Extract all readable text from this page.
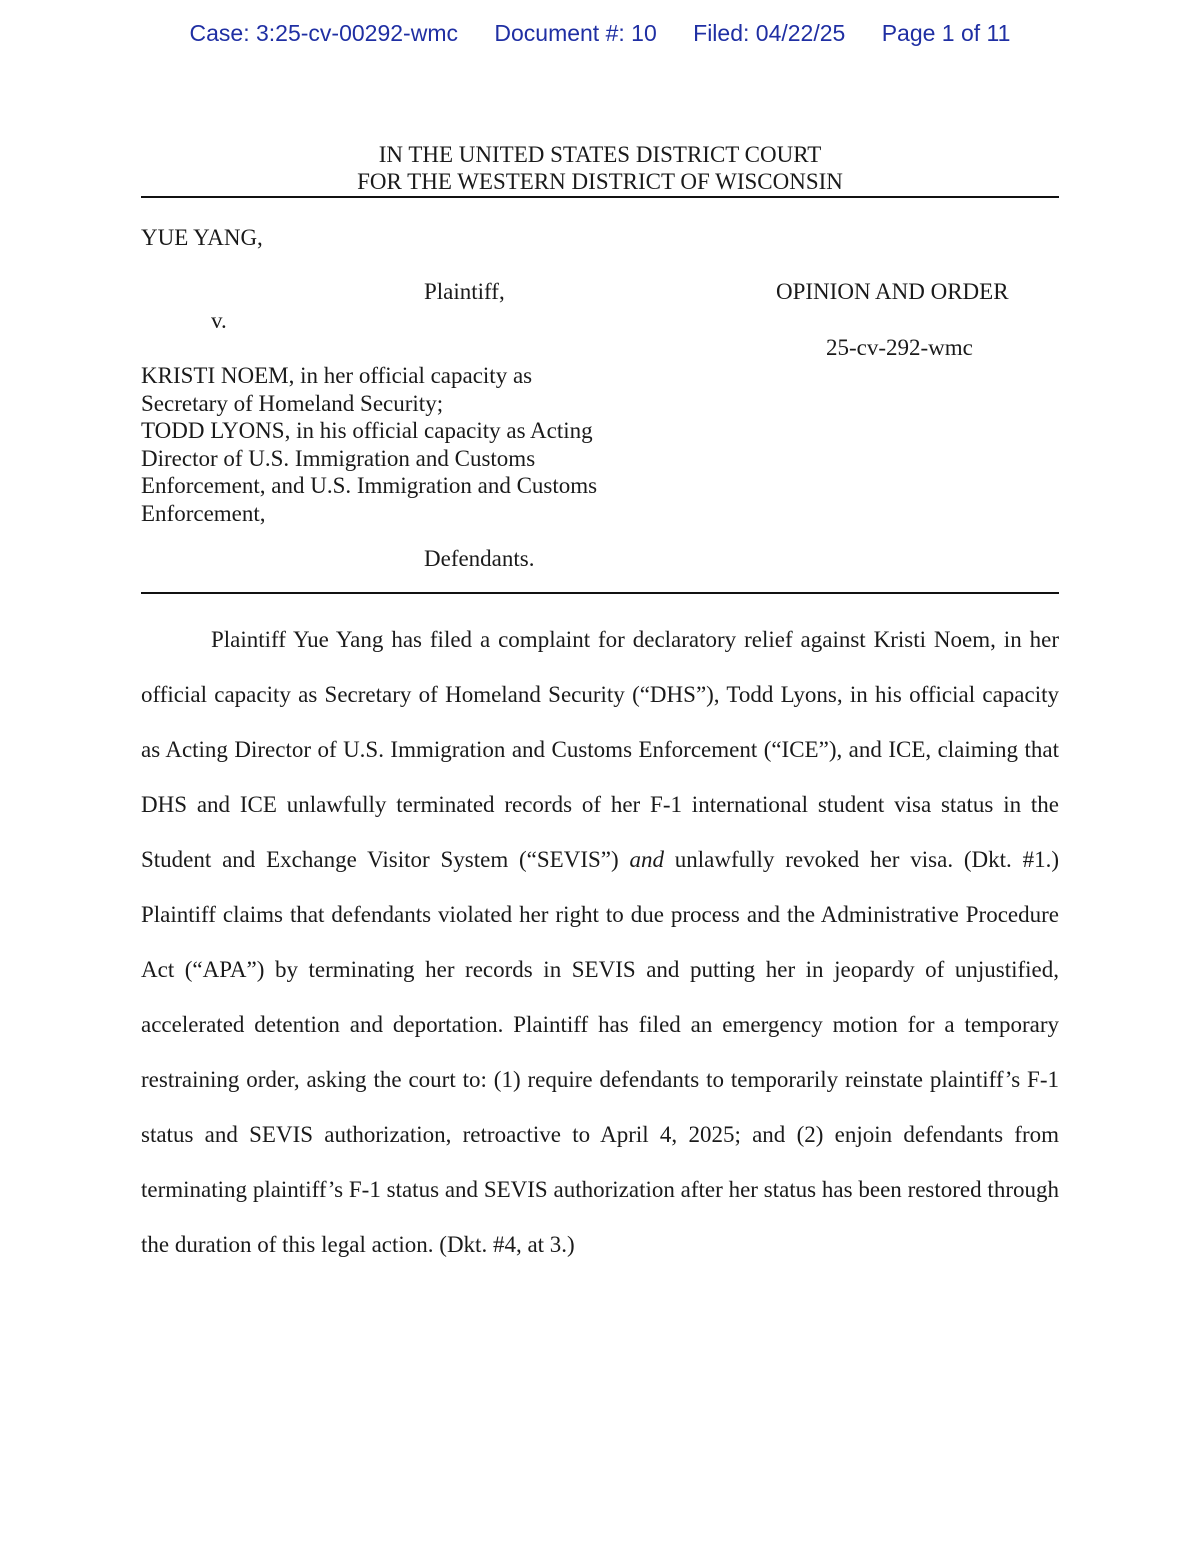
Case: 3:25-cv-00292-wmc Document #: 10 Filed: 04/22/25 Page 1 of 11
IN THE UNITED STATES DISTRICT COURT
FOR THE WESTERN DISTRICT OF WISCONSIN
YUE YANG,
Plaintiff,
v.
OPINION AND ORDER
25-cv-292-wmc
KRISTI NOEM, in her official capacity as
Secretary of Homeland Security;
TODD LYONS, in his official capacity as Acting
Director of U.S. Immigration and Customs
Enforcement, and U.S. Immigration and Customs
Enforcement,
Defendants.

Plaintiff Yue Yang has filed a complaint for declaratory relief against Kristi Noem, in her official capacity as Secretary of Homeland Security (“DHS”), Todd Lyons, in his official capacity as Acting Director of U.S. Immigration and Customs Enforcement (“ICE”), and ICE, claiming that DHS and ICE unlawfully terminated records of her F-1 international student visa status in the Student and Exchange Visitor System (“SEVIS”) and unlawfully revoked her visa. (Dkt. #1.) Plaintiff claims that defendants violated her right to due process and the Administrative Procedure Act (“APA”) by terminating her records in SEVIS and putting her in jeopardy of unjustified, accelerated detention and deportation. Plaintiff has filed an emergency motion for a temporary restraining order, asking the court to: (1) require defendants to temporarily reinstate plaintiff’s F-1 status and SEVIS authorization, retroactive to April 4, 2025; and (2) enjoin defendants from terminating plaintiff’s F-1 status and SEVIS authorization after her status has been restored through the duration of this legal action. (Dkt. #4, at 3.)
